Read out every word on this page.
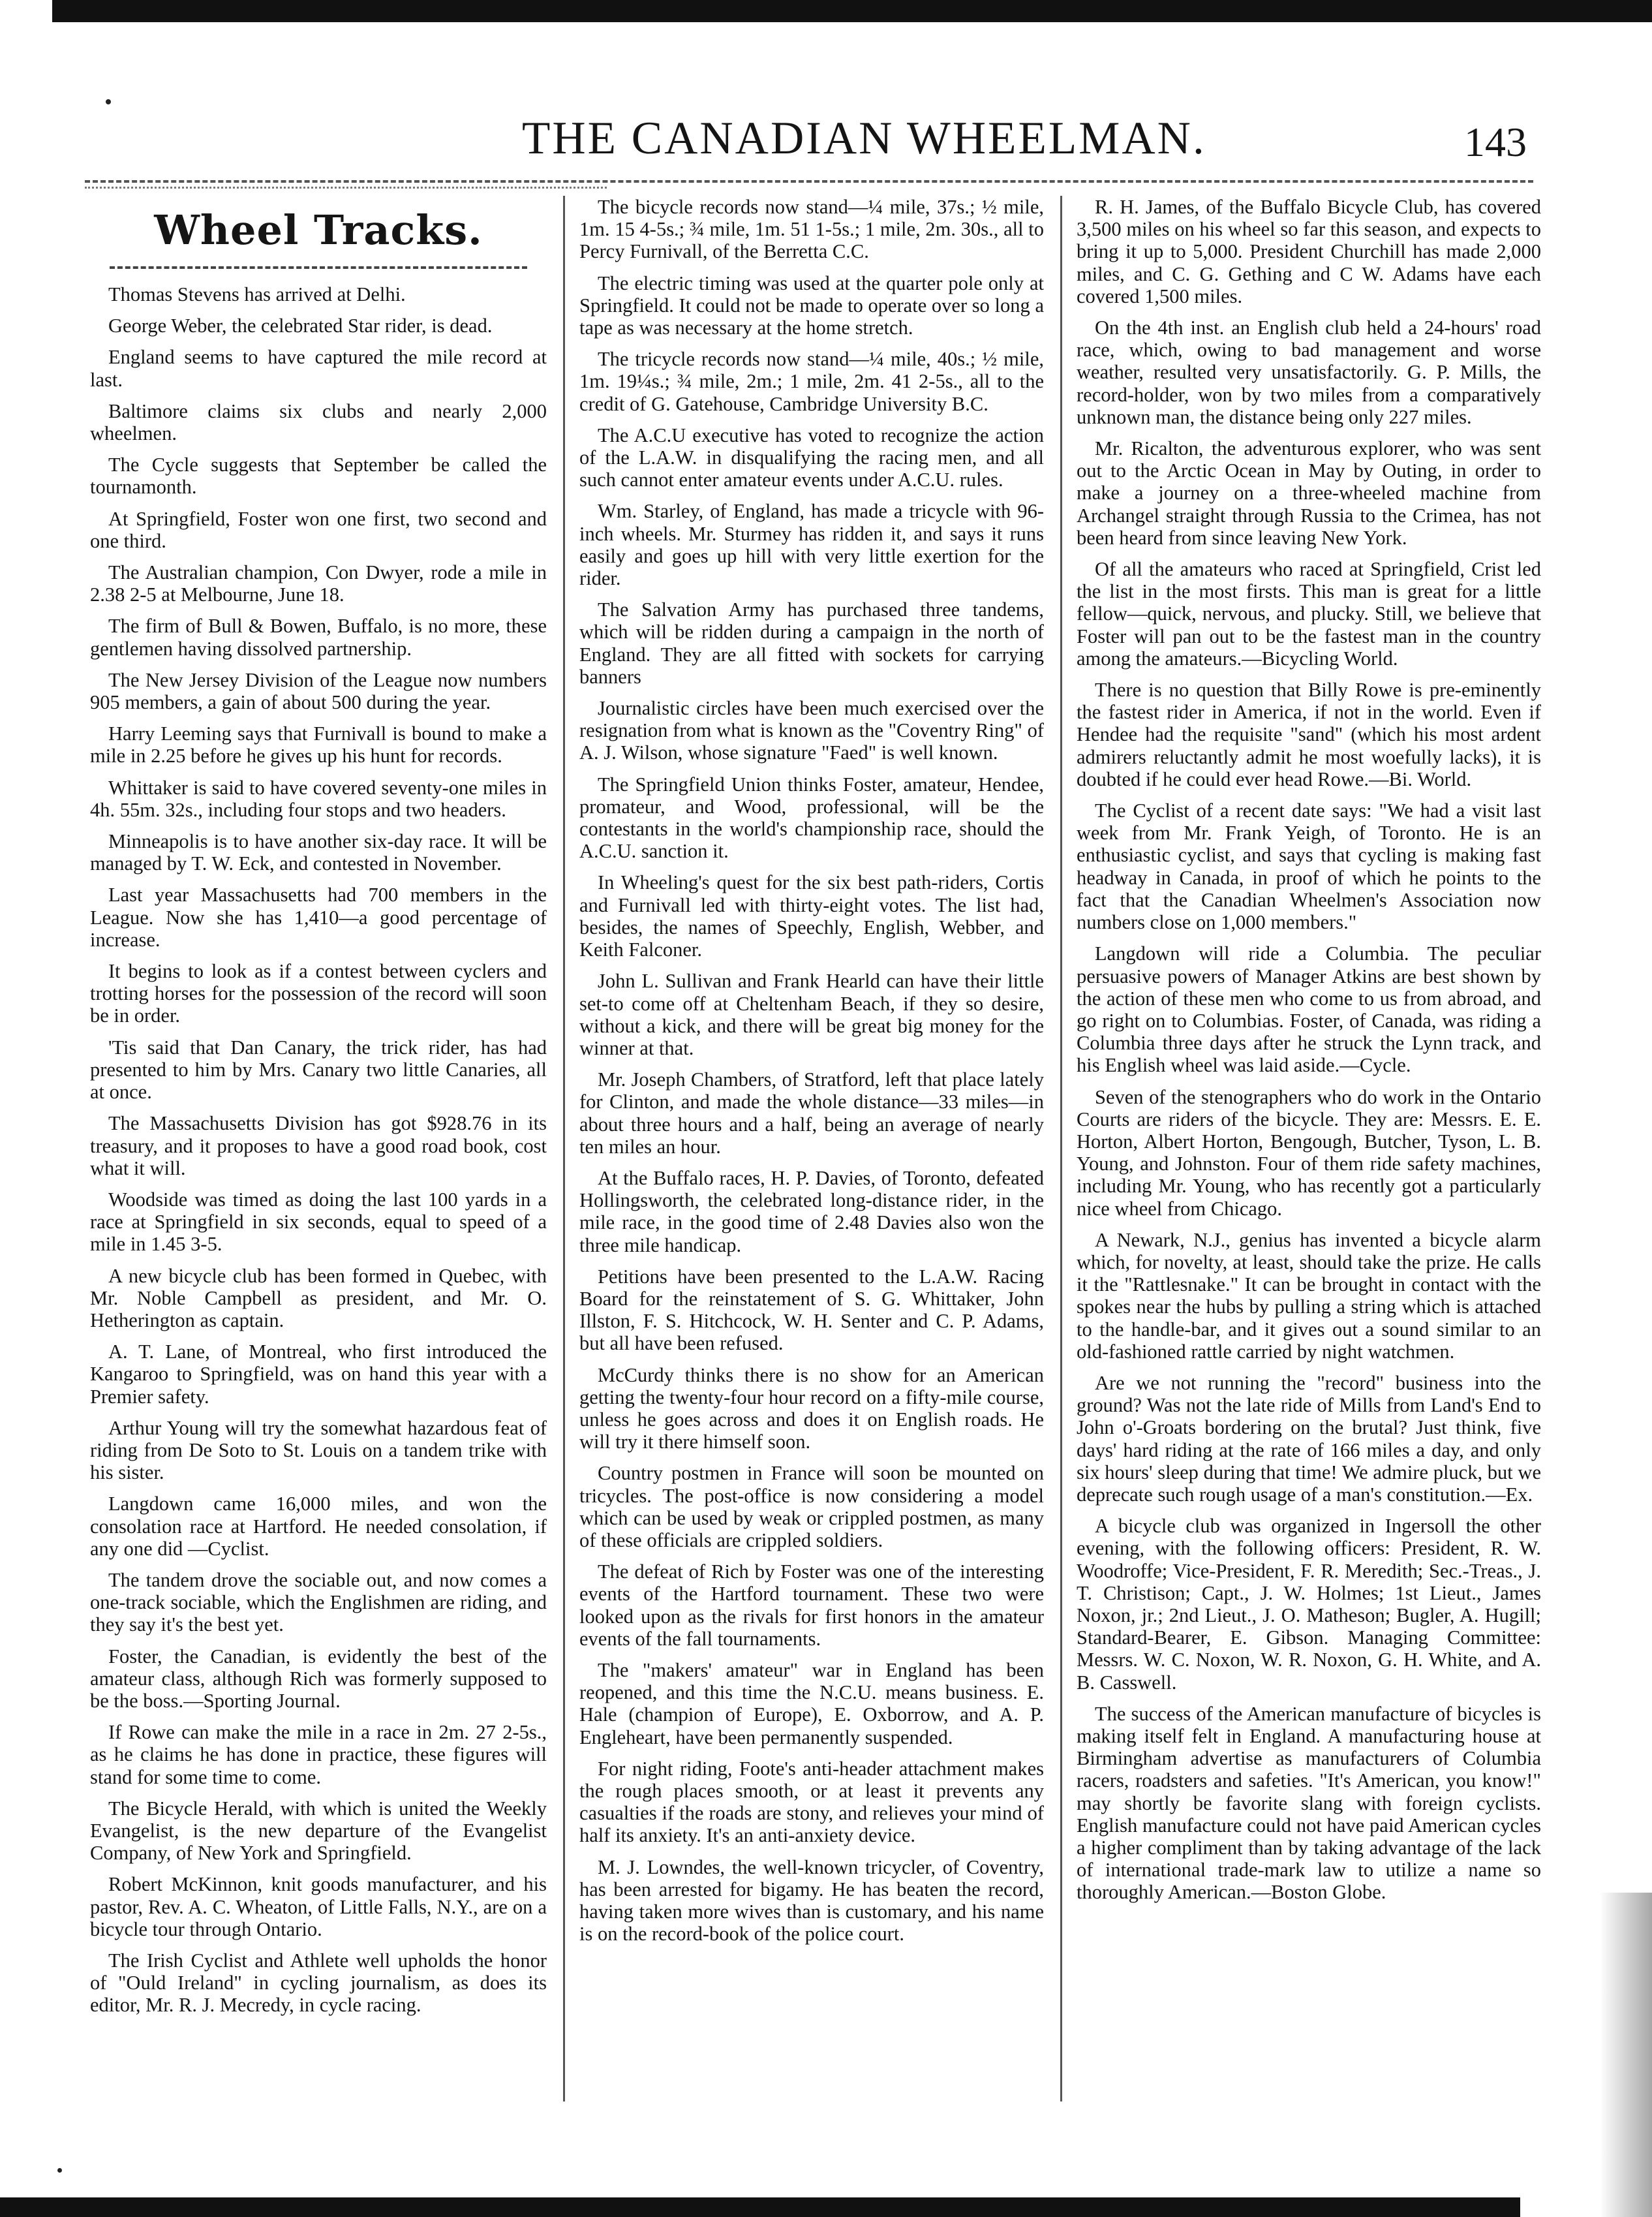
THE CANADIAN WHEELMAN.	143
Wheel Tracks.

Thomas Stevens has arrived at Delhi.

George Weber, the celebrated Star rider, is dead.

England seems to have captured the mile record at last.

Baltimore claims six clubs and nearly 2,000 wheelmen.

The Cycle suggests that September be called the tournamonth.

At Springfield, Foster won one first, two second and one third.

The Australian champion, Con Dwyer, rode a mile in 2.38 2-5 at Melbourne, June 18.

The firm of Bull & Bowen, Buffalo, is no more, these gentlemen having dissolved partnership.

The New Jersey Division of the League now numbers 905 members, a gain of about 500 during the year.

Harry Leeming says that Furnivall is bound to make a mile in 2.25 before he gives up his hunt for records.

Whittaker is said to have covered seventy-one miles in 4h. 55m. 32s., including four stops and two headers.

Minneapolis is to have another six-day race. It will be managed by T. W. Eck, and contested in November.

Last year Massachusetts had 700 members in the League. Now she has 1,410—a good percentage of increase.

It begins to look as if a contest between cyclers and trotting horses for the possession of the record will soon be in order.

'Tis said that Dan Canary, the trick rider, has had presented to him by Mrs. Canary two little Canaries, all at once.

The Massachusetts Division has got $928.76 in its treasury, and it proposes to have a good road book, cost what it will.

Woodside was timed as doing the last 100 yards in a race at Springfield in six seconds, equal to speed of a mile in 1.45 3-5.

A new bicycle club has been formed in Quebec, with Mr. Noble Campbell as president, and Mr. O. Hetherington as captain.

A. T. Lane, of Montreal, who first introduced the Kangaroo to Springfield, was on hand this year with a Premier safety.

Arthur Young will try the somewhat hazardous feat of riding from De Soto to St. Louis on a tandem trike with his sister.

Langdown came 16,000 miles, and won the consolation race at Hartford. He needed consolation, if any one did —Cyclist.

The tandem drove the sociable out, and now comes a one-track sociable, which the Englishmen are riding, and they say it's the best yet.

Foster, the Canadian, is evidently the best of the amateur class, although Rich was formerly supposed to be the boss.—Sporting Journal.

If Rowe can make the mile in a race in 2m. 27 2-5s., as he claims he has done in practice, these figures will stand for some time to come.

The Bicycle Herald, with which is united the Weekly Evangelist, is the new departure of the Evangelist Company, of New York and Springfield.

Robert McKinnon, knit goods manufacturer, and his pastor, Rev. A. C. Wheaton, of Little Falls, N.Y., are on a bicycle tour through Ontario.

The Irish Cyclist and Athlete well upholds the honor of "Ould Ireland" in cycling journalism, as does its editor, Mr. R. J. Mecredy, in cycle racing.

The bicycle records now stand—¼ mile, 37s.; ½ mile, 1m. 15 4-5s.; ¾ mile, 1m. 51 1-5s.; 1 mile, 2m. 30s., all to Percy Furnivall, of the Berretta C.C.

The electric timing was used at the quarter pole only at Springfield. It could not be made to operate over so long a tape as was necessary at the home stretch.

The tricycle records now stand—¼ mile, 40s.; ½ mile, 1m. 19¼s.; ¾ mile, 2m.; 1 mile, 2m. 41 2-5s., all to the credit of G. Gatehouse, Cambridge University B.C.

The A.C.U executive has voted to recognize the action of the L.A.W. in disqualifying the racing men, and all such cannot enter amateur events under A.C.U. rules.

Wm. Starley, of England, has made a tricycle with 96-inch wheels. Mr. Sturmey has ridden it, and says it runs easily and goes up hill with very little exertion for the rider.

The Salvation Army has purchased three tandems, which will be ridden during a campaign in the north of England. They are all fitted with sockets for carrying banners

Journalistic circles have been much exercised over the resignation from what is known as the "Coventry Ring" of A. J. Wilson, whose signature "Faed" is well known.

The Springfield Union thinks Foster, amateur, Hendee, promateur, and Wood, professional, will be the contestants in the world's championship race, should the A.C.U. sanction it.

In Wheeling's quest for the six best path-riders, Cortis and Furnivall led with thirty-eight votes. The list had, besides, the names of Speechly, English, Webber, and Keith Falconer.

John L. Sullivan and Frank Hearld can have their little set-to come off at Cheltenham Beach, if they so desire, without a kick, and there will be great big money for the winner at that.

Mr. Joseph Chambers, of Stratford, left that place lately for Clinton, and made the whole distance—33 miles—in about three hours and a half, being an average of nearly ten miles an hour.

At the Buffalo races, H. P. Davies, of Toronto, defeated Hollingsworth, the celebrated long-distance rider, in the mile race, in the good time of 2.48 Davies also won the three mile handicap.

Petitions have been presented to the L.A.W. Racing Board for the reinstatement of S. G. Whittaker, John Illston, F. S. Hitchcock, W. H. Senter and C. P. Adams, but all have been refused.

McCurdy thinks there is no show for an American getting the twenty-four hour record on a fifty-mile course, unless he goes across and does it on English roads. He will try it there himself soon.

Country postmen in France will soon be mounted on tricycles. The post-office is now considering a model which can be used by weak or crippled postmen, as many of these officials are crippled soldiers.

The defeat of Rich by Foster was one of the interesting events of the Hartford tournament. These two were looked upon as the rivals for first honors in the amateur events of the fall tournaments.

The "makers' amateur" war in England has been reopened, and this time the N.C.U. means business. E. Hale (champion of Europe), E. Oxborrow, and A. P. Engleheart, have been permanently suspended.

For night riding, Foote's anti-header attachment makes the rough places smooth, or at least it prevents any casualties if the roads are stony, and relieves your mind of half its anxiety. It's an anti-anxiety device.

M. J. Lowndes, the well-known tricycler, of Coventry, has been arrested for bigamy. He has beaten the record, having taken more wives than is customary, and his name is on the record-book of the police court.

R. H. James, of the Buffalo Bicycle Club, has covered 3,500 miles on his wheel so far this season, and expects to bring it up to 5,000. President Churchill has made 2,000 miles, and C. G. Gething and C W. Adams have each covered 1,500 miles.

On the 4th inst. an English club held a 24-hours' road race, which, owing to bad management and worse weather, resulted very unsatisfactorily. G. P. Mills, the record-holder, won by two miles from a comparatively unknown man, the distance being only 227 miles.

Mr. Ricalton, the adventurous explorer, who was sent out to the Arctic Ocean in May by Outing, in order to make a journey on a three-wheeled machine from Archangel straight through Russia to the Crimea, has not been heard from since leaving New York.

Of all the amateurs who raced at Springfield, Crist led the list in the most firsts. This man is great for a little fellow—quick, nervous, and plucky. Still, we believe that Foster will pan out to be the fastest man in the country among the amateurs.—Bicycling World.

There is no question that Billy Rowe is pre-eminently the fastest rider in America, if not in the world. Even if Hendee had the requisite "sand" (which his most ardent admirers reluctantly admit he most woefully lacks), it is doubted if he could ever head Rowe.—Bi. World.

The Cyclist of a recent date says: "We had a visit last week from Mr. Frank Yeigh, of Toronto. He is an enthusiastic cyclist, and says that cycling is making fast headway in Canada, in proof of which he points to the fact that the Canadian Wheelmen's Association now numbers close on 1,000 members."

Langdown will ride a Columbia. The peculiar persuasive powers of Manager Atkins are best shown by the action of these men who come to us from abroad, and go right on to Columbias. Foster, of Canada, was riding a Columbia three days after he struck the Lynn track, and his English wheel was laid aside.—Cycle.

Seven of the stenographers who do work in the Ontario Courts are riders of the bicycle. They are: Messrs. E. E. Horton, Albert Horton, Bengough, Butcher, Tyson, L. B. Young, and Johnston. Four of them ride safety machines, including Mr. Young, who has recently got a particularly nice wheel from Chicago.

A Newark, N.J., genius has invented a bicycle alarm which, for novelty, at least, should take the prize. He calls it the "Rattlesnake." It can be brought in contact with the spokes near the hubs by pulling a string which is attached to the handle-bar, and it gives out a sound similar to an old-fashioned rattle carried by night watchmen.

Are we not running the "record" business into the ground? Was not the late ride of Mills from Land's End to John o'-Groats bordering on the brutal? Just think, five days' hard riding at the rate of 166 miles a day, and only six hours' sleep during that time! We admire pluck, but we deprecate such rough usage of a man's constitution.—Ex.

A bicycle club was organized in Ingersoll the other evening, with the following officers: President, R. W. Woodroffe; Vice-President, F. R. Meredith; Sec.-Treas., J. T. Christison; Capt., J. W. Holmes; 1st Lieut., James Noxon, jr.; 2nd Lieut., J. O. Matheson; Bugler, A. Hugill; Standard-Bearer, E. Gibson. Managing Committee: Messrs. W. C. Noxon, W. R. Noxon, G. H. White, and A. B. Casswell.

The success of the American manufacture of bicycles is making itself felt in England. A manufacturing house at Birmingham advertise as manufacturers of Columbia racers, roadsters and safeties. "It's American, you know!" may shortly be favorite slang with foreign cyclists. English manufacture could not have paid American cycles a higher compliment than by taking advantage of the lack of international trade-mark law to utilize a name so thoroughly American.—Boston Globe.
